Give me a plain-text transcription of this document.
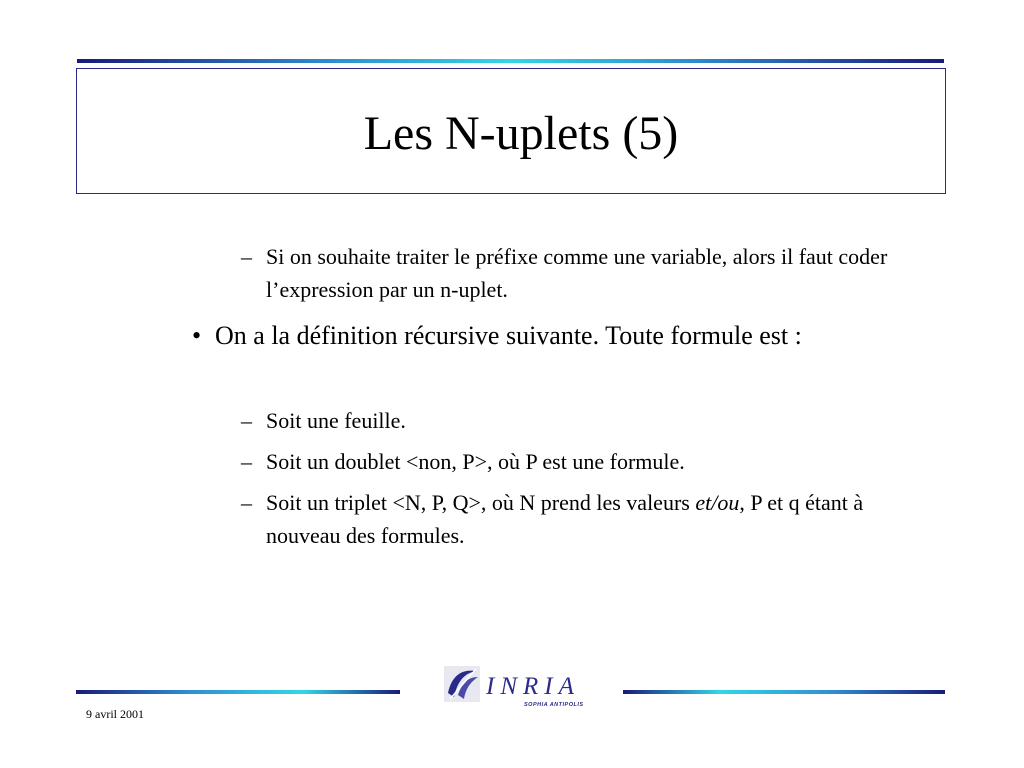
Les N-uplets (5)
– Si on souhaite traiter le préfixe comme une variable, alors il faut coder l’expression par un n-uplet.
• On a la définition récursive suivante. Toute formule est :
– Soit une feuille.
– Soit un doublet <non, P>, où P est une formule.
– Soit un triplet <N, P, Q>, où N prend les valeurs et/ou, P et q étant à nouveau des formules.
INRIA
SOPHIA ANTIPOLIS
9 avril 2001
